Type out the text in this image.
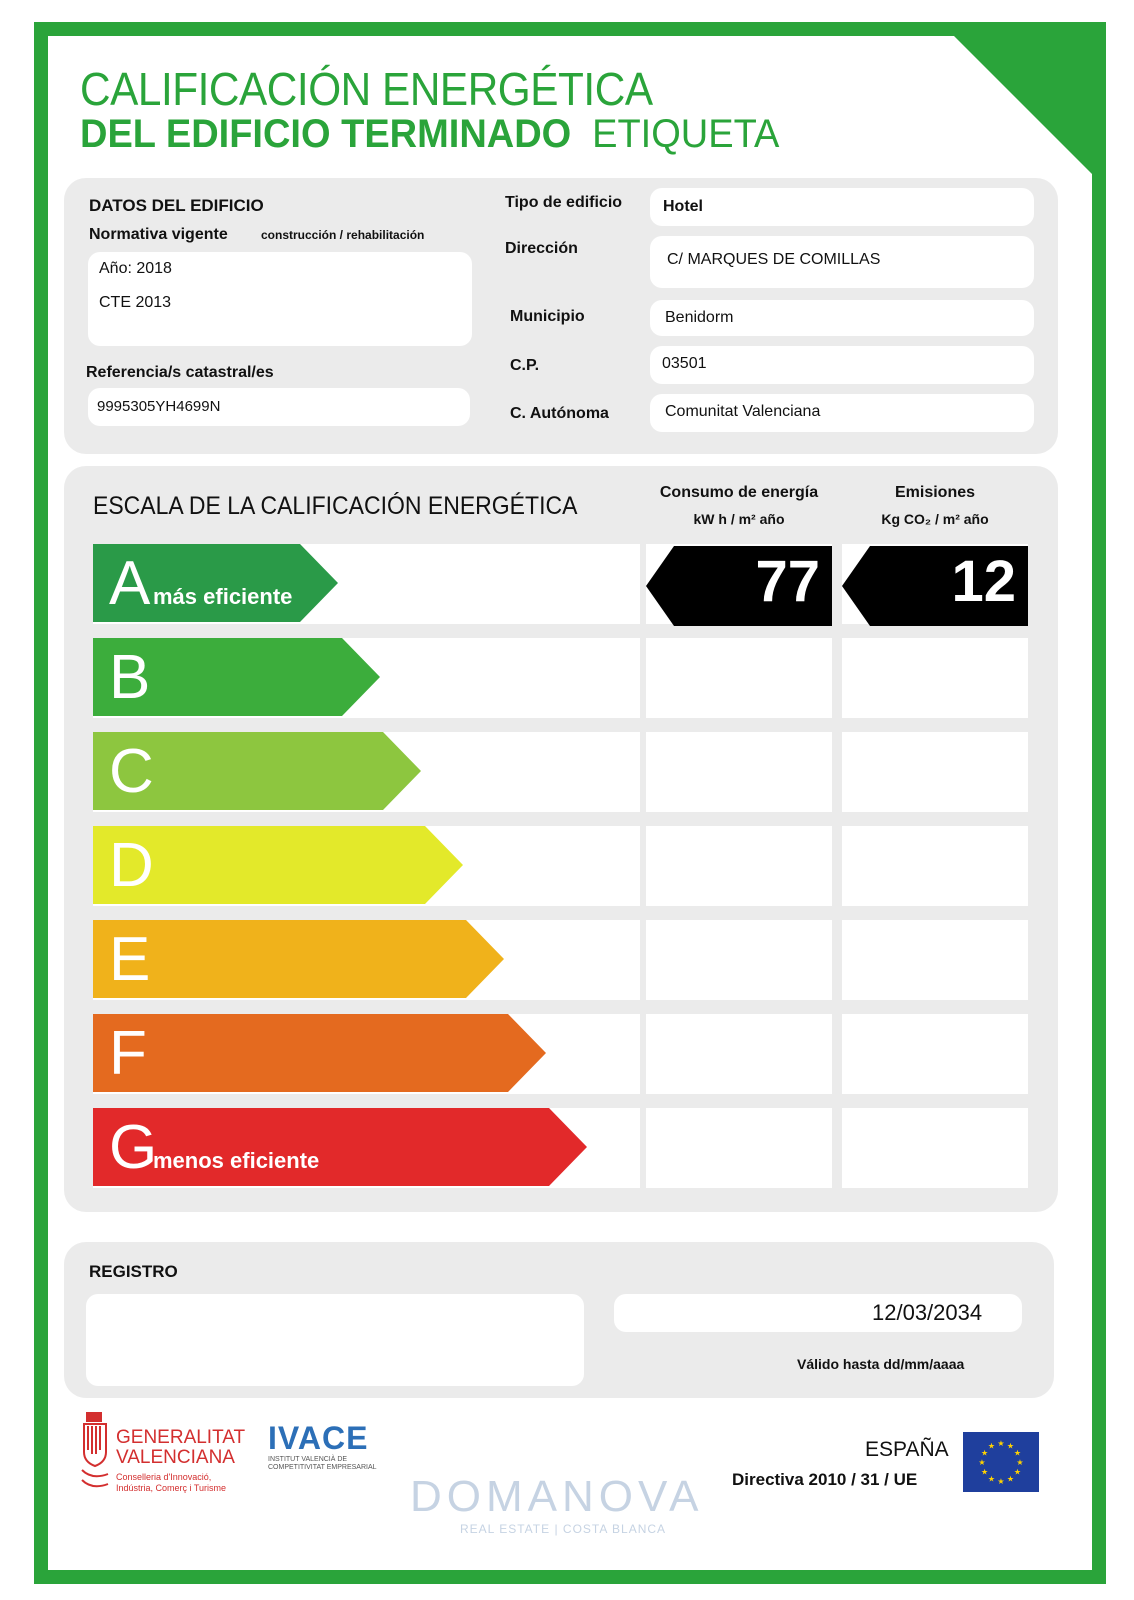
CALIFICACIÓN ENERGÉTICA
DEL EDIFICIO TERMINADO ETIQUETA
DATOS DEL EDIFICIO
Normativa vigente	construcción / rehabilitación
Año: 2018
CTE 2013
Referencia/s catastral/es
9995305YH4699N
Tipo de edificio	Hotel
Dirección
C/ MARQUES DE COMILLAS
Municipio	Benidorm
C.P.	03501
C. Autónoma	Comunitat Valenciana
ESCALA DE LA CALIFICACIÓN ENERGÉTICA	Consumo de energía
kW h / m² año
Emisiones
Kg CO₂ / m² año
A más eficiente	77 12
B
C
D
E
F
G
menos eficiente
REGISTRO
12/03/2034
Válido hasta dd/mm/aaaa
GENERALITAT
VALENCIANA
Conselleria d'Innovació,
Indústria, Comerç i Turisme
IVACE
INSTITUT VALENCIÀ DE
COMPETITIVITAT EMPRESARIAL
ESPAÑA
Directiva 2010 / 31 / UE
★ ★
★
★
★
★
★
★
★
★
★
★
DOMANOVA
REAL ESTATE | COSTA BLANCA
